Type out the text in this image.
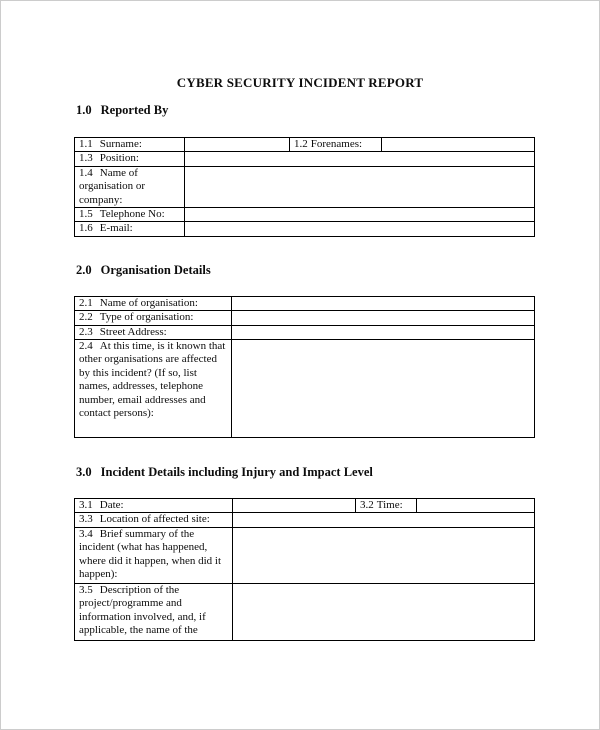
CYBER SECURITY INCIDENT REPORT
1.0 Reported By
1.1 Surname:		1.2 Forenames:	
1.3 Position:			
1.4 Name of organisation or company:			
1.5 Telephone No:			
1.6 E-mail:			
2.0 Organisation Details
2.1 Name of organisation:	
2.2 Type of organisation:	
2.3 Street Address:	
2.4 At this time, is it known that other organisations are affected by this incident? (If so, list names, addresses, telephone number, email addresses and contact persons):	
3.0 Incident Details including Injury and Impact Level
3.1 Date:		3.2 Time:	
3.3 Location of affected site:			
3.4 Brief summary of the incident (what has happened, where did it happen, when did it happen):			
3.5 Description of the project/programme and information involved, and, if applicable, the name of the			
